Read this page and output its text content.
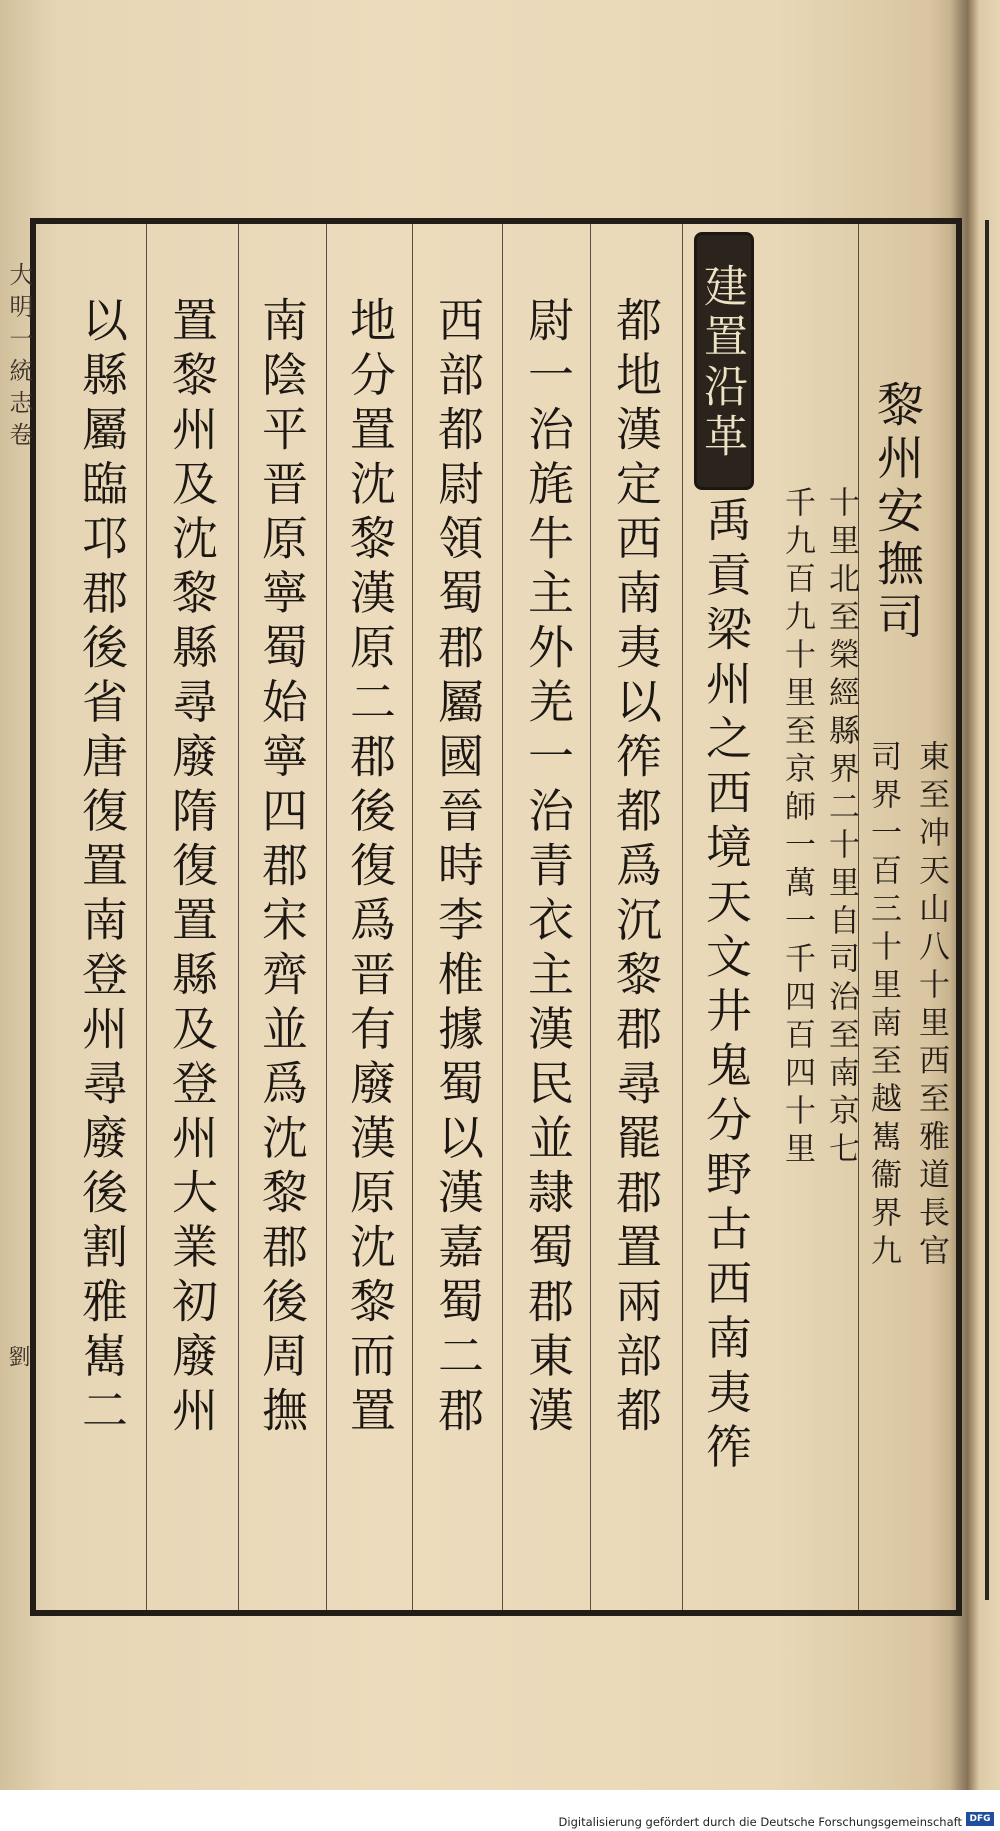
黎州安撫司
東至冲天山八十里西至雅道長官
司界一百三十里南至越嶲衞界九
十里北至榮經縣界二十里自司治至南京七
千九百九十里至京師一萬一千四百四十里
建置沿革
禹貢梁州之西境天文井鬼分野古西南夷筰
都地漢定西南夷以筰都爲沉黎郡尋罷郡置兩部都
尉一治旄牛主外羌一治青衣主漢民並隷蜀郡東漢
西部都尉領蜀郡屬國晉時李椎據蜀以漢嘉蜀二郡
地分置沈黎漢原二郡後復爲晋有廢漢原沈黎而置
南陰平晋原寧蜀始寧四郡宋齊並爲沈黎郡後周撫
置黎州及沈黎縣尋廢隋復置縣及登州大業初廢州
以縣屬臨邛郡後省唐復置南登州尋廢後割雅嶲二
大明一統志卷
劉
Digitalisierung gefördert durch die Deutsche Forschungsgemeinschaft DFG
